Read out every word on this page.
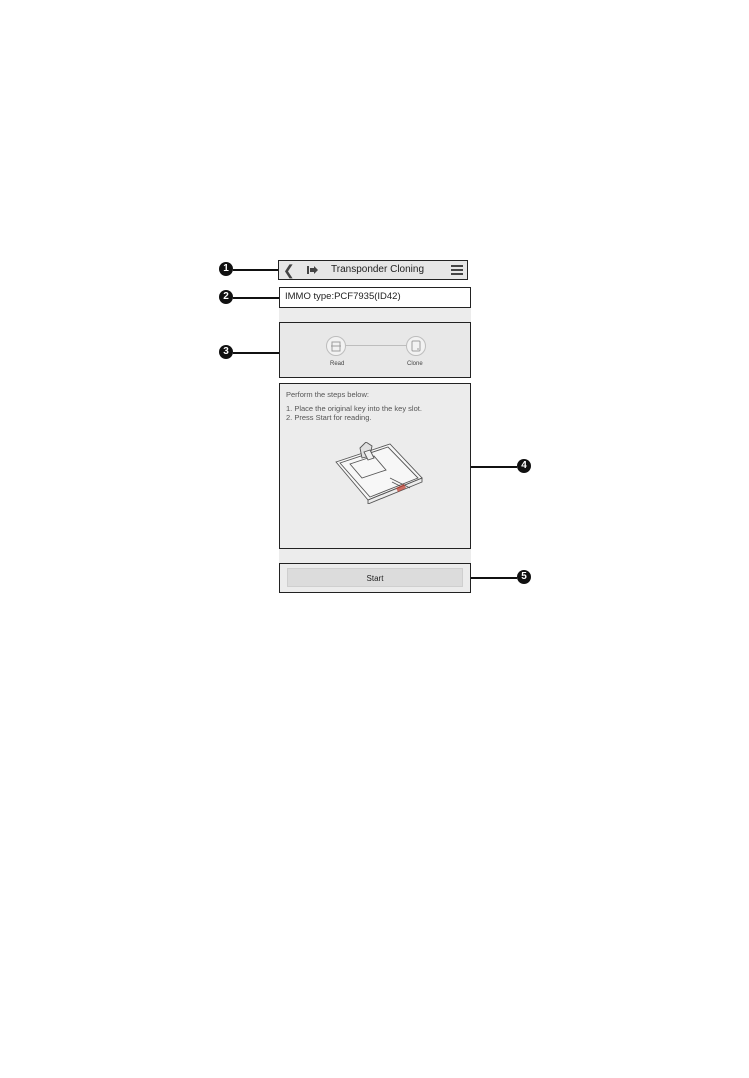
❮	Transponder Cloning
IMMO type:PCF7935(ID42)
Read	Clone
Perform the steps below:
1. Place the original key into the key slot.
2. Press Start for reading.
Start
1
2
3
4
5
